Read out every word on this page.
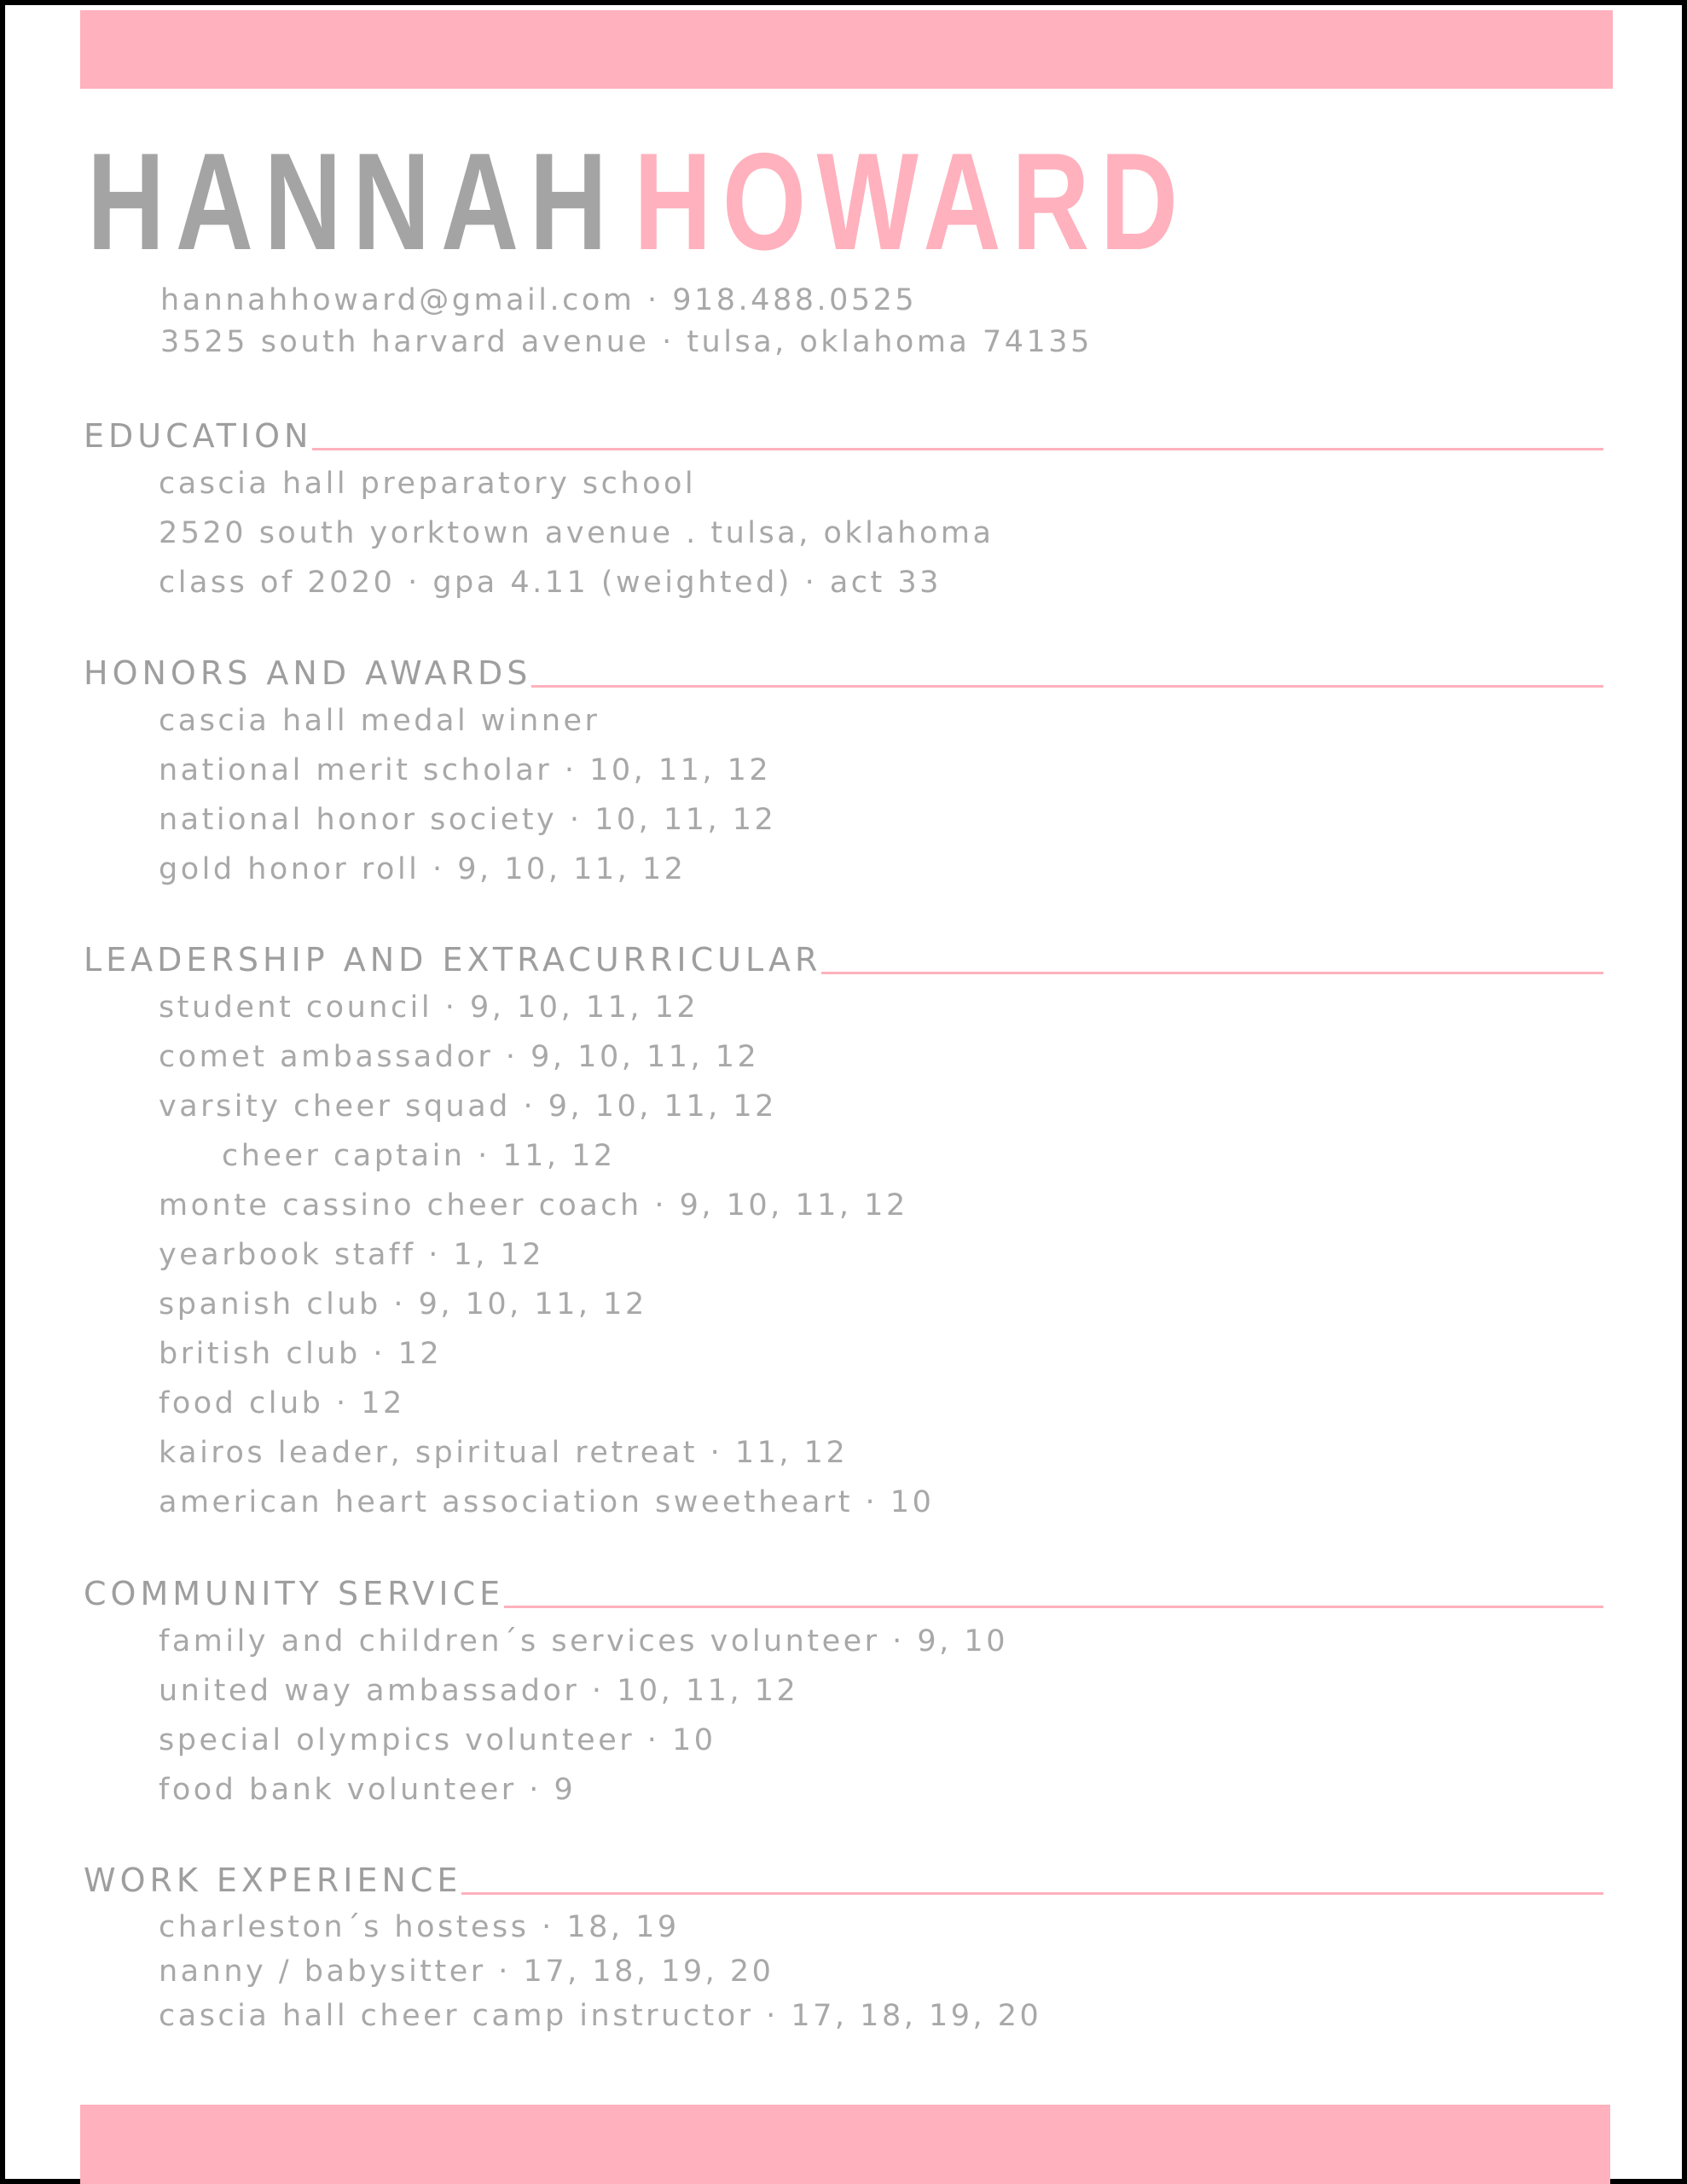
HANNAH HOWARD
hannahhoward@gmail.com · 918.488.0525
3525 south harvard avenue · tulsa, oklahoma 74135
EDUCATION
cascia hall preparatory school
2520 south yorktown avenue . tulsa, oklahoma
class of 2020 · gpa 4.11 (weighted) · act 33
HONORS AND AWARDS
cascia hall medal winner
national merit scholar · 10, 11, 12
national honor society · 10, 11, 12
gold honor roll · 9, 10, 11, 12
LEADERSHIP AND EXTRACURRICULAR
student council · 9, 10, 11, 12
comet ambassador · 9, 10, 11, 12
varsity cheer squad · 9, 10, 11, 12
cheer captain · 11, 12
monte cassino cheer coach · 9, 10, 11, 12
yearbook staff · 1, 12
spanish club · 9, 10, 11, 12
british club · 12
food club · 12
kairos leader, spiritual retreat · 11, 12
american heart association sweetheart · 10
COMMUNITY SERVICE
family and children´s services volunteer · 9, 10
united way ambassador · 10, 11, 12
special olympics volunteer · 10
food bank volunteer · 9
WORK EXPERIENCE
charleston´s hostess · 18, 19
nanny / babysitter · 17, 18, 19, 20
cascia hall cheer camp instructor · 17, 18, 19, 20
